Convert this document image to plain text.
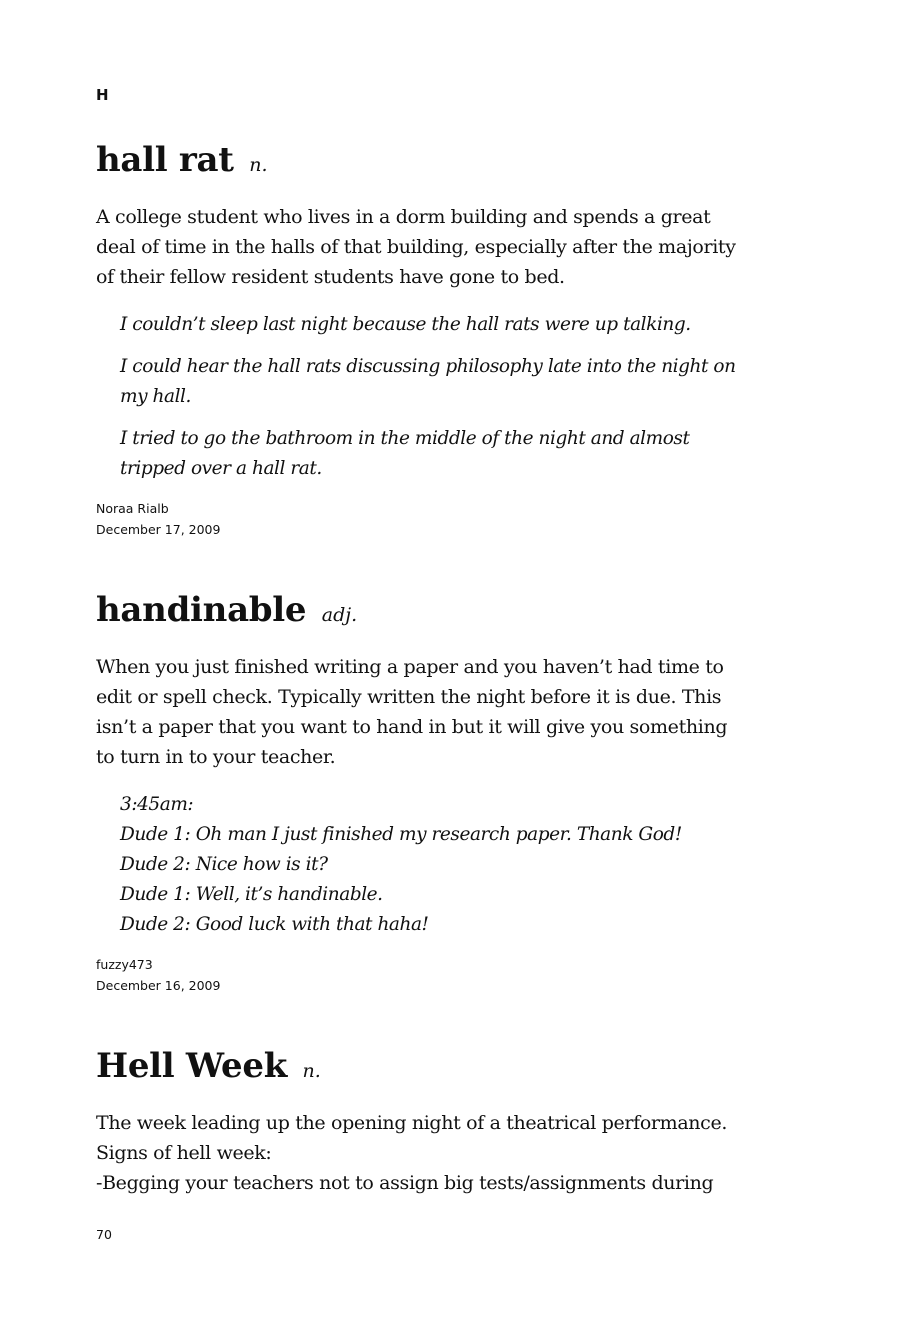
H
hall rat n.

A college student who lives in a dorm building and spends a great
deal of time in the halls of that building, especially after the majority
of their fellow resident students have gone to bed.

I couldn’t sleep last night because the hall rats were up talking.

I could hear the hall rats discussing philosophy late into the night on
my hall.

I tried to go the bathroom in the middle of the night and almost
tripped over a hall rat.

Noraa Rialb
December 17, 2009
handinable adj.

When you just finished writing a paper and you haven’t had time to
edit or spell check. Typically written the night before it is due. This
isn’t a paper that you want to hand in but it will give you something
to turn in to your teacher.

3:45am:
Dude 1: Oh man I just finished my research paper. Thank God!
Dude 2: Nice how is it?
Dude 1: Well, it’s handinable.
Dude 2: Good luck with that haha!

fuzzy473
December 16, 2009
Hell Week n.

The week leading up the opening night of a theatrical performance.
Signs of hell week:
-Begging your teachers not to assign big tests/assignments during

70
